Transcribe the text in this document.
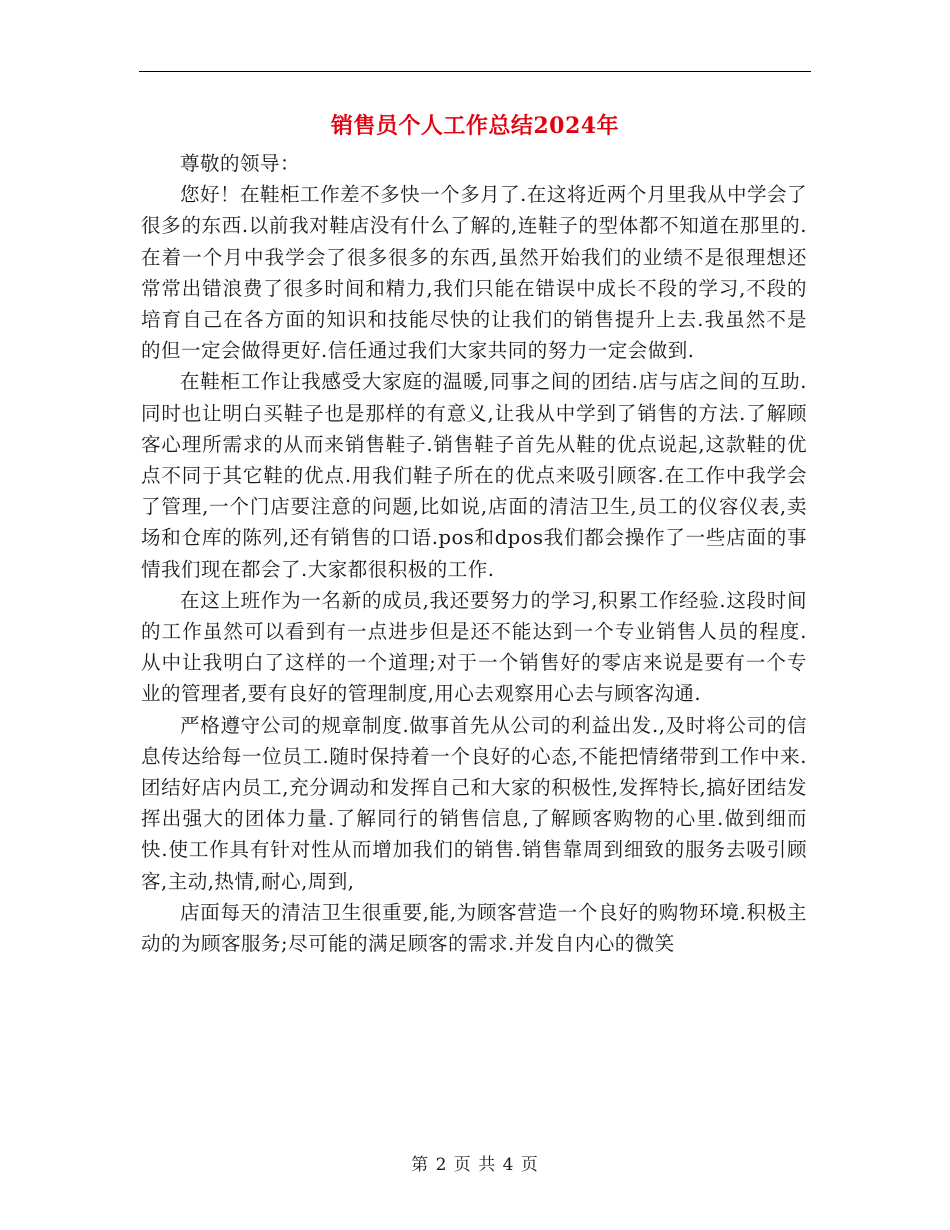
销售员个人工作总结2024年

尊敬的领导：

您好！在鞋柜工作差不多快一个多月了.在这将近两个月里我从中学会了很多的东西.以前我对鞋店没有什么了解的,连鞋子的型体都不知道在那里的.在着一个月中我学会了很多很多的东西,虽然开始我们的业绩不是很理想还常常出错浪费了很多时间和精力,我们只能在错误中成长不段的学习,不段的培育自己在各方面的知识和技能尽快的让我们的销售提升上去.我虽然不是的但一定会做得更好.信任通过我们大家共同的努力一定会做到.

在鞋柜工作让我感受大家庭的温暖,同事之间的团结.店与店之间的互助.同时也让明白买鞋子也是那样的有意义,让我从中学到了销售的方法.了解顾客心理所需求的从而来销售鞋子.销售鞋子首先从鞋的优点说起,这款鞋的优点不同于其它鞋的优点.用我们鞋子所在的优点来吸引顾客.在工作中我学会了管理,一个门店要注意的问题,比如说,店面的清洁卫生,员工的仪容仪表,卖场和仓库的陈列,还有销售的口语.pos和dpos我们都会操作了一些店面的事情我们现在都会了.大家都很积极的工作.

在这上班作为一名新的成员,我还要努力的学习,积累工作经验.这段时间的工作虽然可以看到有一点进步但是还不能达到一个专业销售人员的程度.从中让我明白了这样的一个道理;对于一个销售好的零店来说是要有一个专业的管理者,要有良好的管理制度,用心去观察用心去与顾客沟通.

严格遵守公司的规章制度.做事首先从公司的利益出发.,及时将公司的信息传达给每一位员工.随时保持着一个良好的心态,不能把情绪带到工作中来.团结好店内员工,充分调动和发挥自己和大家的积极性,发挥特长,搞好团结发挥出强大的团体力量.了解同行的销售信息,了解顾客购物的心里.做到细而快.使工作具有针对性从而增加我们的销售.销售靠周到细致的服务去吸引顾客,主动,热情,耐心,周到,

店面每天的清洁卫生很重要,能,为顾客营造一个良好的购物环境.积极主动的为顾客服务;尽可能的满足顾客的需求.并发自内心的微笑

第 2 页 共 4 页
